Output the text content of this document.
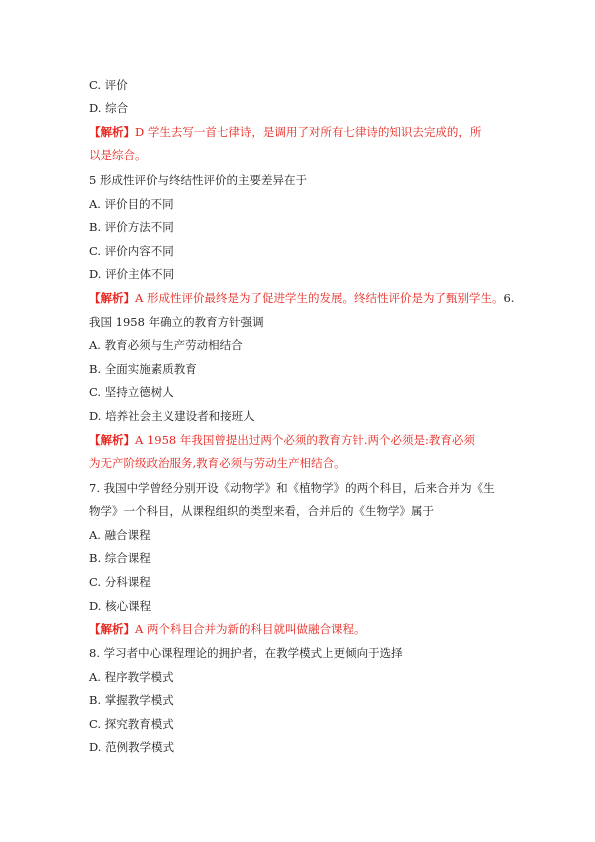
C. 评价

D. 综合

【解析】D 学生去写一首七律诗，是调用了对所有七律诗的知识去完成的，所

以是综合。

5 形成性评价与终结性评价的主要差异在于

A. 评价目的不同

B. 评价方法不同

C. 评价内容不同

D. 评价主体不同

【解析】A 形成性评价最终是为了促进学生的发展。终结性评价是为了甄别学生。6.

我国 1958 年确立的教育方针强调

A. 教育必须与生产劳动相结合

B. 全面实施素质教育

C. 坚持立德树人

D. 培养社会主义建设者和接班人

【解析】A 1958 年我国曾提出过两个必须的教育方针.两个必须是:教育必须

为无产阶级政治服务,教育必须与劳动生产相结合。

7. 我国中学曾经分别开设《动物学》和《植物学》的两个科目，后来合并为《生

物学》一个科目，从课程组织的类型来看，合并后的《生物学》属于

A. 融合课程

B. 综合课程

C. 分科课程

D. 核心课程

【解析】A 两个科目合并为新的科目就叫做融合课程。

8. 学习者中心课程理论的拥护者，在教学模式上更倾向于选择

A. 程序教学模式

B. 掌握教学模式

C. 探究教育模式

D. 范例教学模式
